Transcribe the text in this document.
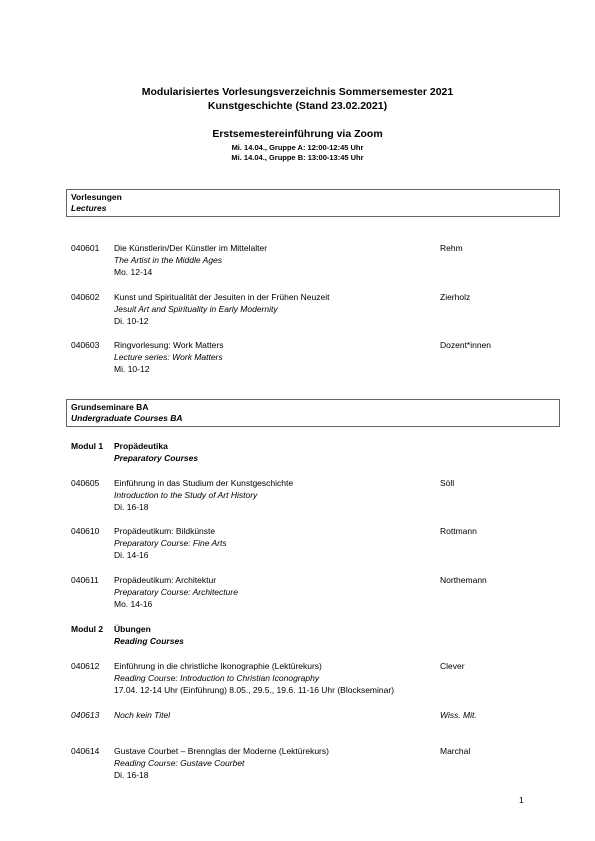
Modularisiertes Vorlesungsverzeichnis Sommersemester 2021
Kunstgeschichte (Stand 23.02.2021)
Erstsemestereinführung via Zoom
Mi. 14.04., Gruppe A: 12:00-12:45 Uhr
Mi. 14.04., Gruppe B: 13:00-13:45 Uhr
Vorlesungen
Lectures
040601 Die Künstlerin/Der Künstler im Mittelalter
The Artist in the Middle Ages
Mo. 12-14
Rehm
040602 Kunst und Spiritualität der Jesuiten in der Frühen Neuzeit
Jesuit Art and Spirituality in Early Modernity
Di. 10-12
Zierholz
040603 Ringvorlesung: Work Matters
Lecture series: Work Matters
Mi. 10-12
Dozent*innen
Grundseminare BA
Undergraduate Courses BA
Modul 1 Propädeutika
Preparatory Courses
040605 Einführung in das Studium der Kunstgeschichte
Introduction to the Study of Art History
Di. 16-18
Söll
040610 Propädeutikum: Bildkünste
Preparatory Course: Fine Arts
Di. 14-16
Rottmann
040611 Propädeutikum: Architektur
Preparatory Course: Architecture
Mo. 14-16
Northemann
Modul 2 Übungen
Reading Courses
040612 Einführung in die christliche Ikonographie (Lektürekurs)
Reading Course: Introduction to Christian Iconography
17.04. 12-14 Uhr (Einführung) 8.05., 29.5., 19.6. 11-16 Uhr (Blockseminar)
Clever
040613 Noch kein Titel	Wiss. Mit.
040614 Gustave Courbet – Brennglas der Moderne (Lektürekurs)
Reading Course: Gustave Courbet
Di. 16-18
Marchal
1
